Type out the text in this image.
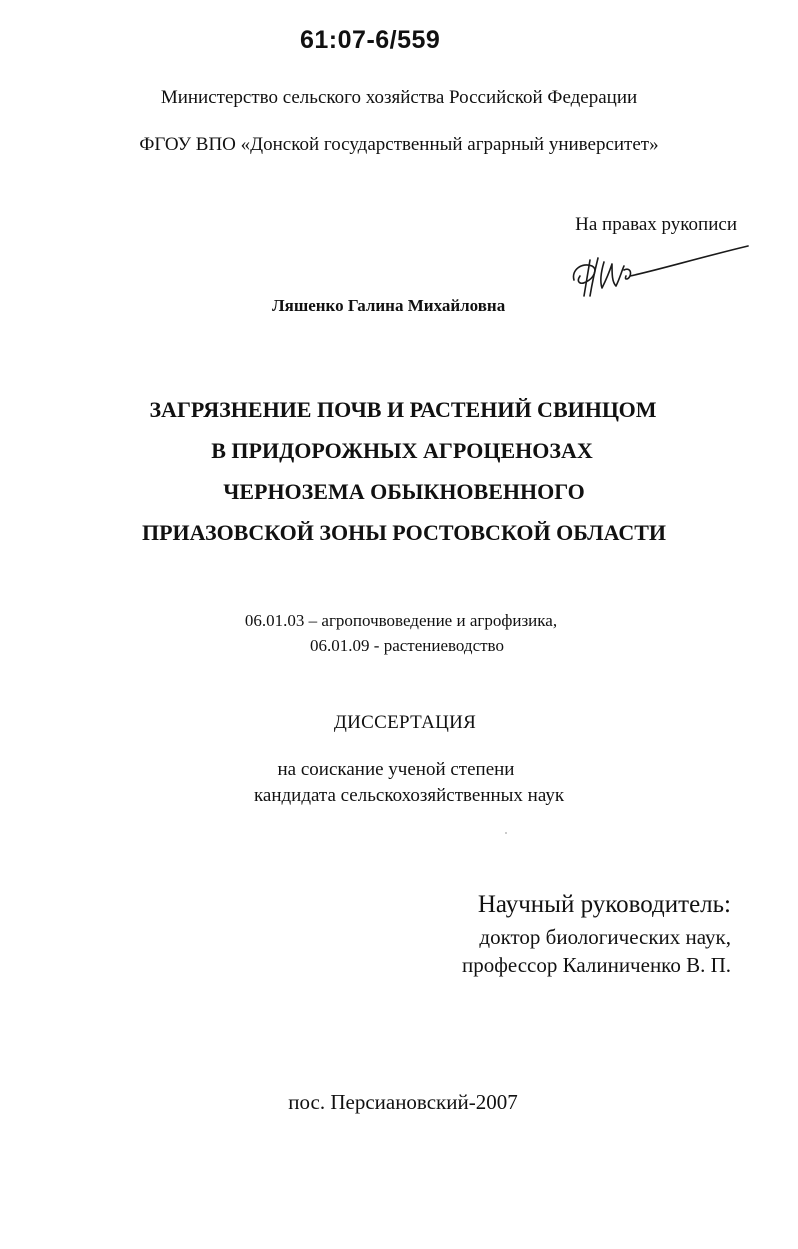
61:07-6/559
Министерство сельского хозяйства Российской Федерации
ФГОУ ВПО «Донской государственный аграрный университет»
На правах рукописи
Ляшенко Галина Михайловна
ЗАГРЯЗНЕНИЕ ПОЧВ И РАСТЕНИЙ СВИНЦОМ
В ПРИДОРОЖНЫХ АГРОЦЕНОЗАХ
ЧЕРНОЗЕМА ОБЫКНОВЕННОГО
ПРИАЗОВСКОЙ ЗОНЫ РОСТОВСКОЙ ОБЛАСТИ
06.01.03 – агропочвоведение и агрофизика,
06.01.09 - растениеводство
ДИССЕРТАЦИЯ
на соискание ученой степени
кандидата сельскохозяйственных наук
Научный руководитель:
доктор биологических наук,
профессор Калиниченко В. П.
пос. Персиановский-2007
